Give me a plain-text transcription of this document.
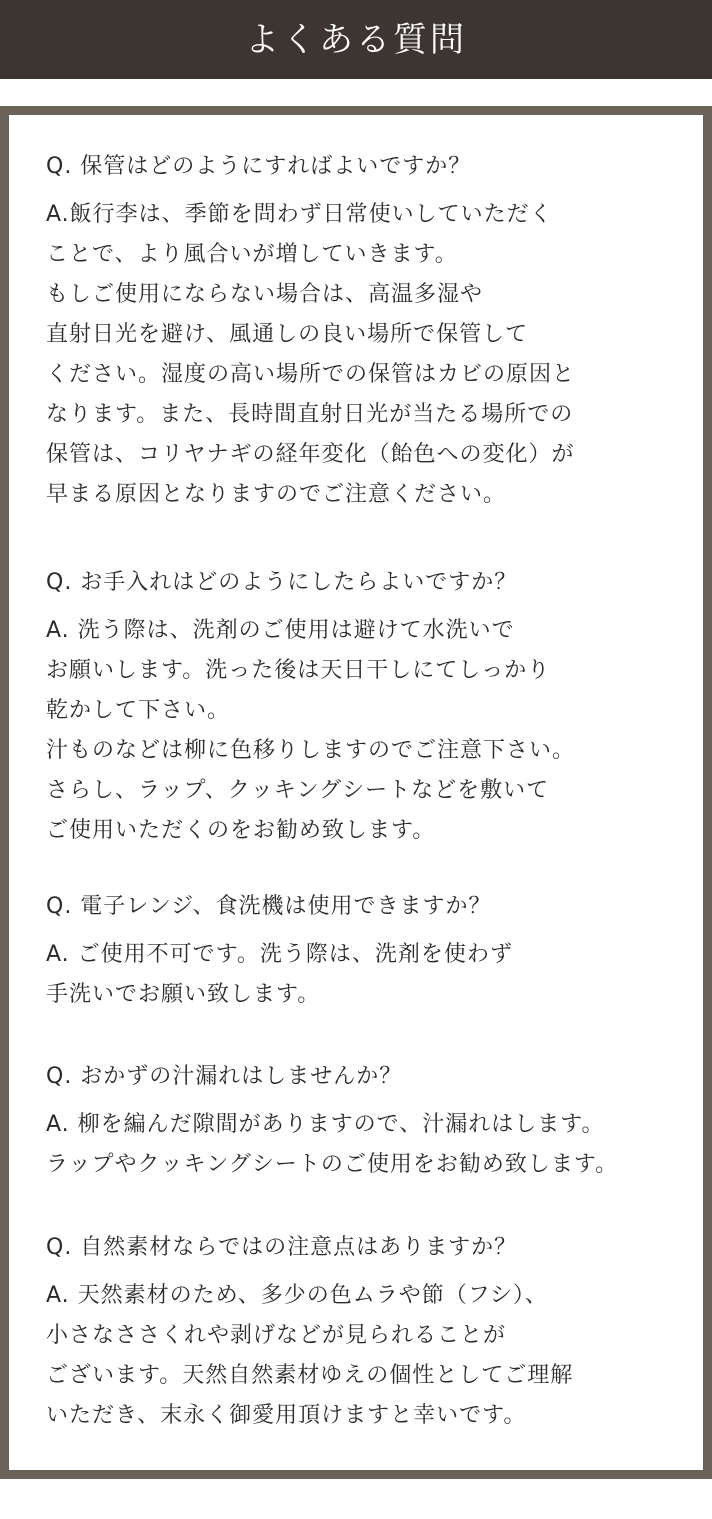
よくある質問
Q. 保管はどのようにすればよいですか？
A.飯行李は、季節を問わず日常使いしていただく
ことで、より風合いが増していきます。
もしご使用にならない場合は、高温多湿や
直射日光を避け、風通しの良い場所で保管して
ください。湿度の高い場所での保管はカビの原因と
なります。また、長時間直射日光が当たる場所での
保管は、コリヤナギの経年変化（飴色への変化）が
早まる原因となりますのでご注意ください。
Q. お手入れはどのようにしたらよいですか？
A. 洗う際は、洗剤のご使用は避けて水洗いで
お願いします。洗った後は天日干しにてしっかり
乾かして下さい。
汁ものなどは柳に色移りしますのでご注意下さい。
さらし、ラップ、クッキングシートなどを敷いて
ご使用いただくのをお勧め致します。
Q. 電子レンジ、食洗機は使用できますか？
A. ご使用不可です。洗う際は、洗剤を使わず
手洗いでお願い致します。
Q. おかずの汁漏れはしませんか？
A. 柳を編んだ隙間がありますので、汁漏れはします。
ラップやクッキングシートのご使用をお勧め致します。
Q. 自然素材ならではの注意点はありますか？
A. 天然素材のため、多少の色ムラや節（フシ）、
小さなささくれや剥げなどが見られることが
ございます。天然自然素材ゆえの個性としてご理解
いただき、末永く御愛用頂けますと幸いです。
